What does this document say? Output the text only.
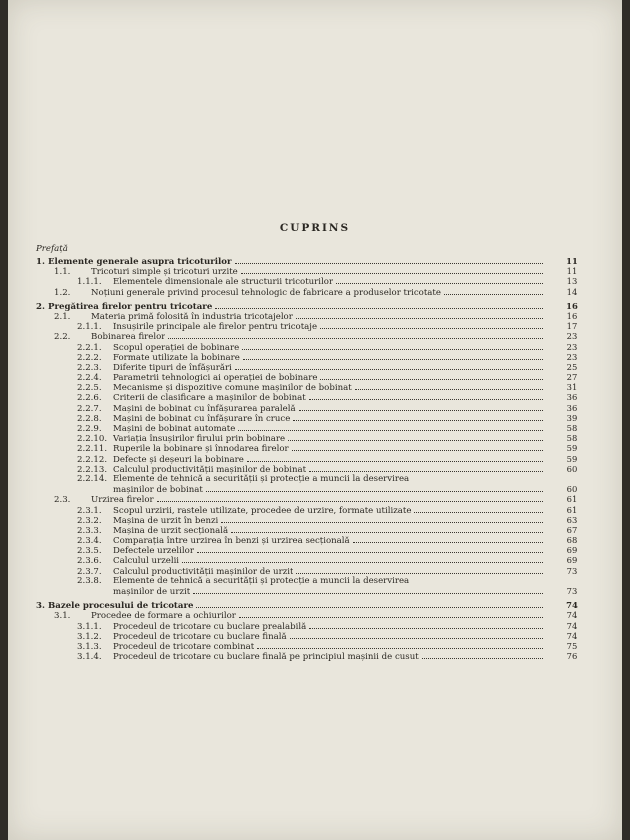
CUPRINS
Prefață
1. Elemente generale asupra tricoturilor	11
1.1.	Tricoturi simple și tricoturi urzite	11
1.1.1.	Elementele dimensionale ale structurii tricoturilor	13
1.2.	Noțiuni generale privind procesul tehnologic de fabricare a produselor tricotate	14
2. Pregătirea firelor pentru tricotare	16
2.1.	Materia primă folosită în industria tricotajelor	16
2.1.1.	Însușirile principale ale firelor pentru tricotaje	17
2.2.	Bobinarea firelor	23
2.2.1.	Scopul operației de bobinare	23
2.2.2.	Formate utilizate la bobinare	23
2.2.3.	Diferite tipuri de înfășurări	25
2.2.4.	Parametrii tehnologici ai operației de bobinare	27
2.2.5.	Mecanisme și dispozitive comune mașinilor de bobinat	31
2.2.6.	Criterii de clasificare a mașinilor de bobinat	36
2.2.7.	Mașini de bobinat cu înfășurarea paralelă	36
2.2.8.	Mașini de bobinat cu înfășurare în cruce	39
2.2.9.	Mașini de bobinat automate	58
2.2.10. Variația însușirilor firului prin bobinare	58
2.2.11. Ruperile la bobinare și înnodarea firelor	59
2.2.12. Defecte și deșeuri la bobinare	59
2.2.13. Calculul productivității mașinilor de bobinat	60
2.2.14. Elemente de tehnică a securității și protecție a muncii la deservirea
mașinilor de bobinat	60
2.3.	Urzirea firelor	61
2.3.1.	Scopul urzirii, rastele utilizate, procedee de urzire, formate utilizate	61
2.3.2.	Mașina de urzit în benzi	63
2.3.3.	Mașina de urzit secțională	67
2.3.4.	Comparația între urzirea în benzi și urzirea secțională	68
2.3.5.	Defectele urzelilor	69
2.3.6.	Calculul urzelii	69
2.3.7.	Calculul productivității mașinilor de urzit	73
2.3.8.	Elemente de tehnică a securității și protecție a muncii la deservirea
mașinilor de urzit	73
3. Bazele procesului de tricotare	74
3.1.	Procedee de formare a ochiurilor	74
3.1.1.	Procedeul de tricotare cu buclare prealabilă	74
3.1.2.	Procedeul de tricotare cu buclare finală	74
3.1.3.	Procedeul de tricotare combinat	75
3.1.4.	Procedeul de tricotare cu buclare finală pe principiul mașinii de cusut	76
